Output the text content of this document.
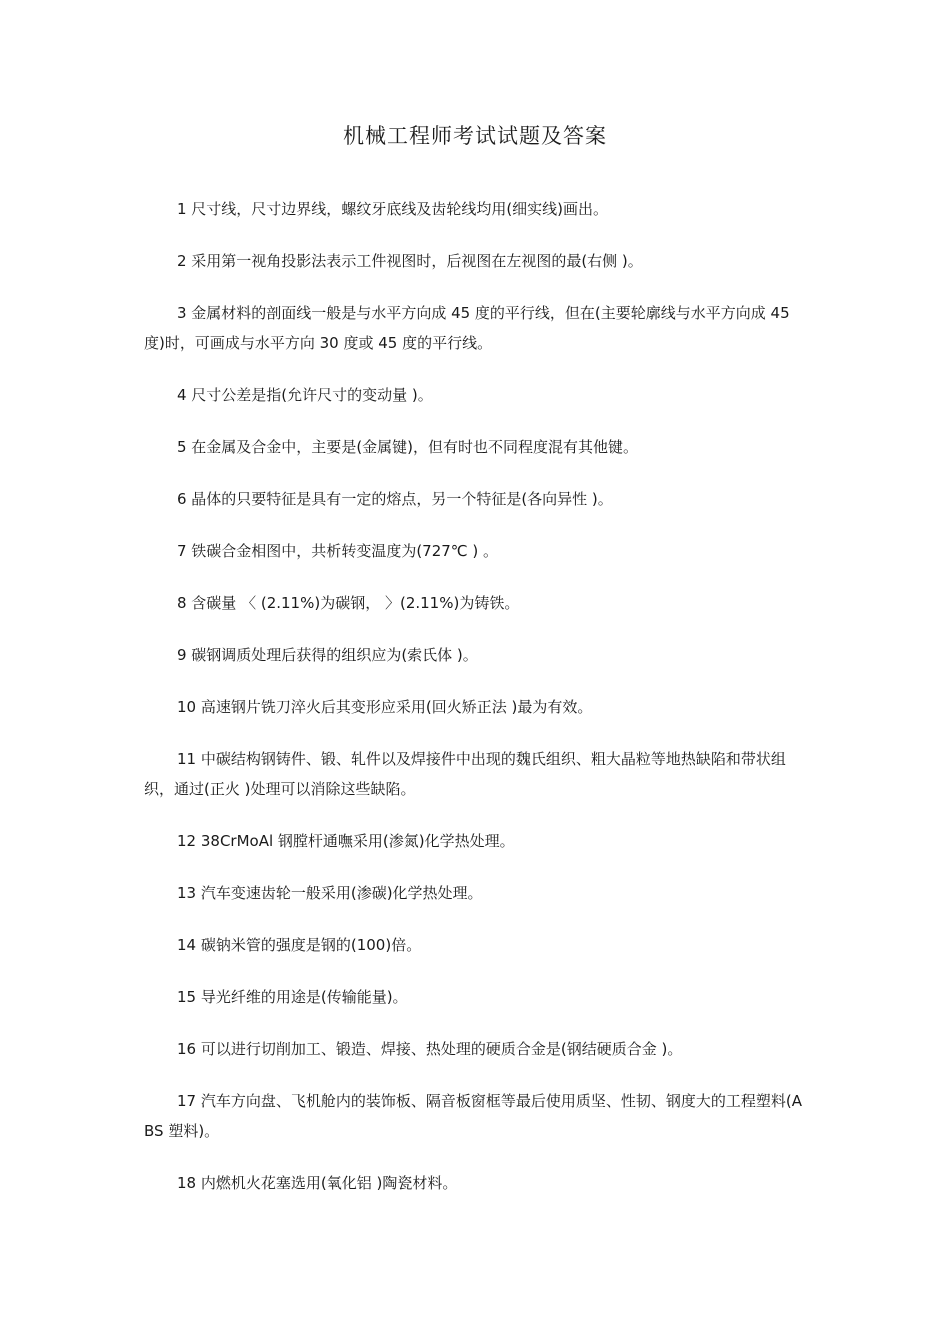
机械工程师考试试题及答案
1 尺寸线，尺寸边界线，螺纹牙底线及齿轮线均用(细实线)画出。
2 采用第一视角投影法表示工件视图时，后视图在左视图的最(右侧 )。
3 金属材料的剖面线一般是与水平方向成 45 度的平行线，但在(主要轮廓线与水平方向成 45 度)时，可画成与水平方向 30 度或 45 度的平行线。
4 尺寸公差是指(允许尺寸的变动量 )。
5 在金属及合金中，主要是(金属键)，但有时也不同程度混有其他键。
6 晶体的只要特征是具有一定的熔点，另一个特征是(各向异性 )。
7 铁碳合金相图中，共析转变温度为(727℃ ) 。
8 含碳量 〈 (2.11%)为碳钢， 〉(2.11%)为铸铁。
9 碳钢调质处理后获得的组织应为(索氏体 )。
10 高速钢片铣刀淬火后其变形应采用(回火矫正法 )最为有效。
11 中碳结构钢铸件、锻、轧件以及焊接件中出现的魏氏组织、粗大晶粒等地热缺陷和带状组织，通过(正火 )处理可以消除这些缺陷。
12 38CrMoAl 钢膛杆通嘸采用(渗氮)化学热处理。
13 汽车变速齿轮一般采用(渗碳)化学热处理。
14 碳钠米管的强度是钢的(100)倍。
15 导光纤维的用途是(传输能量)。
16 可以进行切削加工、锻造、焊接、热处理的硬质合金是(钢结硬质合金 )。
17 汽车方向盘、飞机舱内的装饰板、隔音板窗框等最后使用质坚、性韧、钢度大的工程塑料(ABS 塑料)。
18 内燃机火花塞选用(氧化铝 )陶瓷材料。
